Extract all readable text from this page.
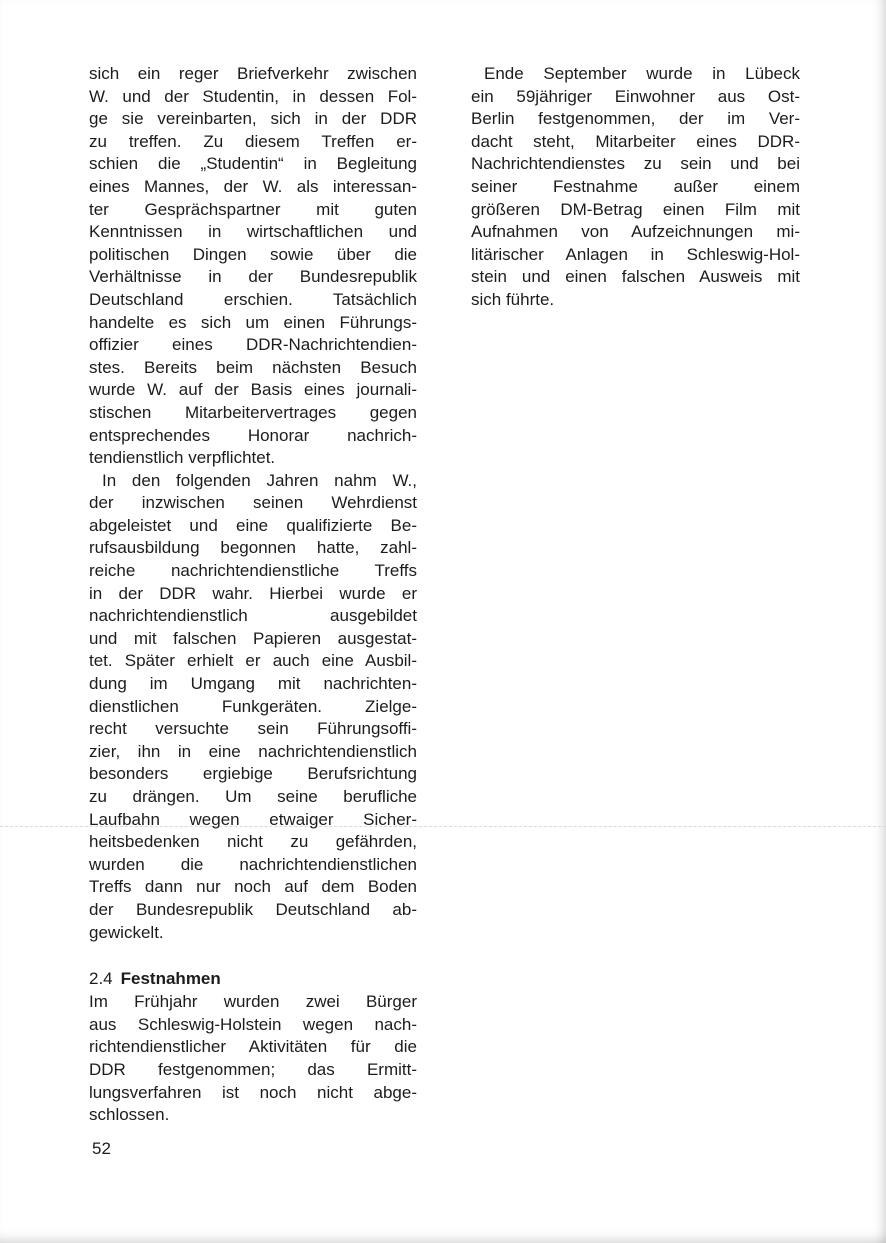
sich ein reger Briefverkehr zwischen
W. und der Studentin, in dessen Fol-
ge sie vereinbarten, sich in der DDR
zu treffen. Zu diesem Treffen er-
schien die „Studentin“ in Begleitung
eines Mannes, der W. als interessan-
ter Gesprächspartner mit guten
Kenntnissen in wirtschaftlichen und
politischen Dingen sowie über die
Verhältnisse in der Bundesrepublik
Deutschland erschien. Tatsächlich
handelte es sich um einen Führungs-
offizier eines DDR-Nachrichtendien-
stes. Bereits beim nächsten Besuch
wurde W. auf der Basis eines journali-
stischen Mitarbeitervertrages gegen
entsprechendes Honorar nachrich-
tendienstlich verpflichtet.
In den folgenden Jahren nahm W.,
der inzwischen seinen Wehrdienst
abgeleistet und eine qualifizierte Be-
rufsausbildung begonnen hatte, zahl-
reiche nachrichtendienstliche Treffs
in der DDR wahr. Hierbei wurde er
nachrichtendienstlich ausgebildet
und mit falschen Papieren ausgestat-
tet. Später erhielt er auch eine Ausbil-
dung im Umgang mit nachrichten-
dienstlichen Funkgeräten. Zielge-
recht versuchte sein Führungsoffi-
zier, ihn in eine nachrichtendienstlich
besonders ergiebige Berufsrichtung
zu drängen. Um seine berufliche
Laufbahn wegen etwaiger Sicher-
heitsbedenken nicht zu gefährden,
wurden die nachrichtendienstlichen
Treffs dann nur noch auf dem Boden
der Bundesrepublik Deutschland ab-
gewickelt.
2.4 Festnahmen
Im Frühjahr wurden zwei Bürger
aus Schleswig-Holstein wegen nach-
richtendienstlicher Aktivitäten für die
DDR festgenommen; das Ermitt-
lungsverfahren ist noch nicht abge-
schlossen.
Ende September wurde in Lübeck
ein 59jähriger Einwohner aus Ost-
Berlin festgenommen, der im Ver-
dacht steht, Mitarbeiter eines DDR-
Nachrichtendienstes zu sein und bei
seiner Festnahme außer einem
größeren DM-Betrag einen Film mit
Aufnahmen von Aufzeichnungen mi-
litärischer Anlagen in Schleswig-Hol-
stein und einen falschen Ausweis mit
sich führte.
52
